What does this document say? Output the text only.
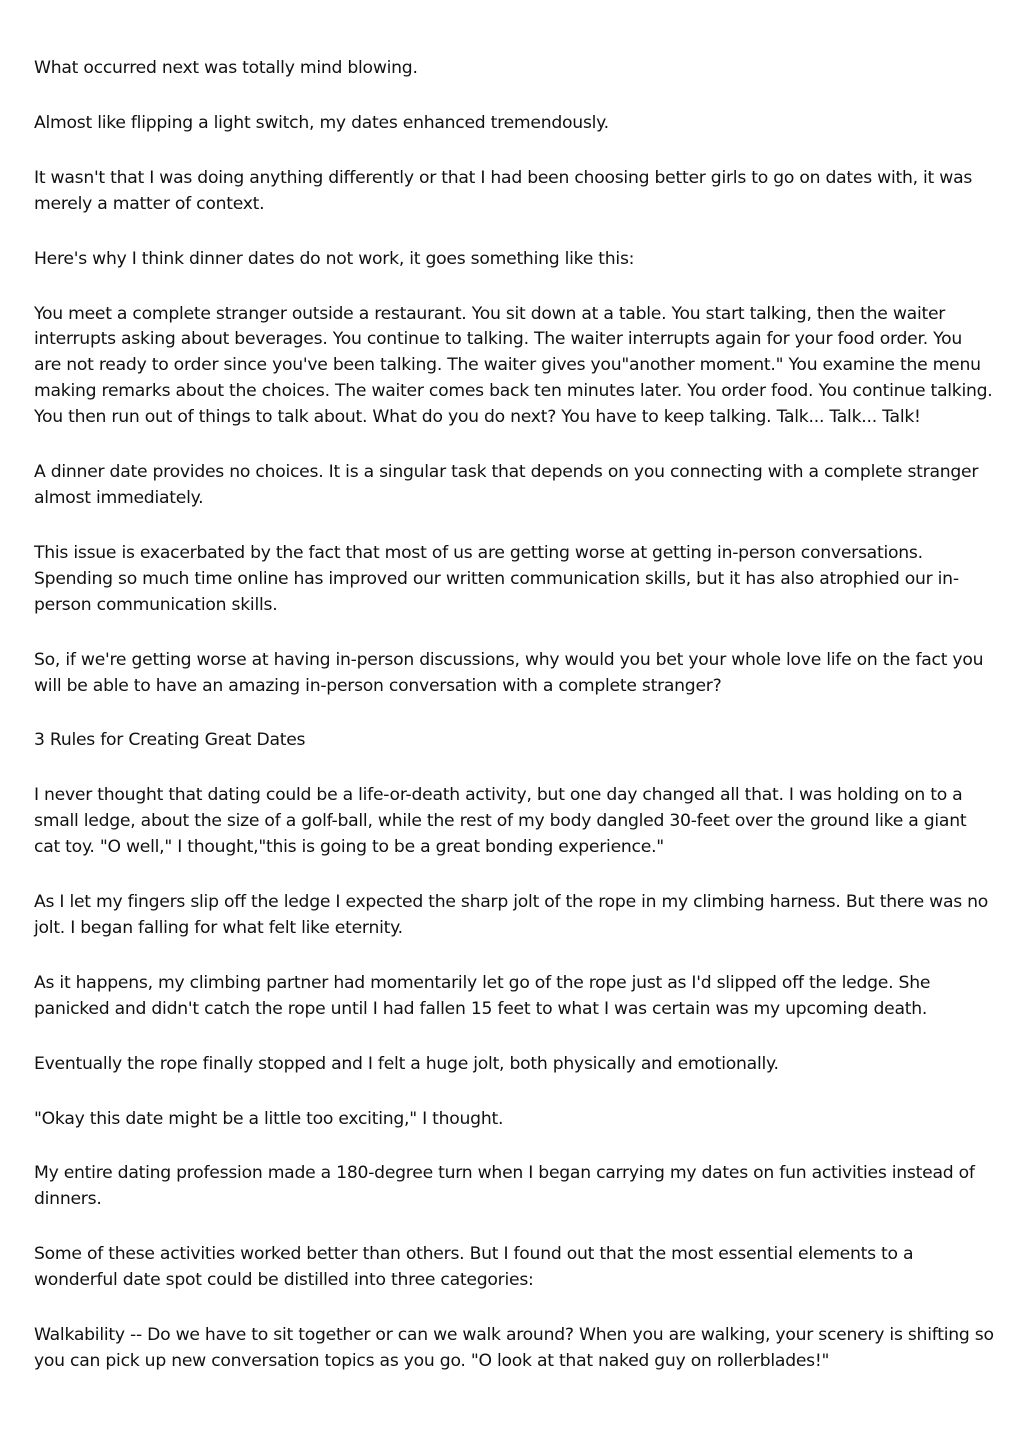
What occurred next was totally mind blowing.

Almost like flipping a light switch, my dates enhanced tremendously.

It wasn't that I was doing anything differently or that I had been choosing better girls to go on dates with, it was merely a matter of context.

Here's why I think dinner dates do not work, it goes something like this:

You meet a complete stranger outside a restaurant. You sit down at a table. You start talking, then the waiter interrupts asking about beverages. You continue to talking. The waiter interrupts again for your food order. You are not ready to order since you've been talking. The waiter gives you"another moment." You examine the menu making remarks about the choices. The waiter comes back ten minutes later. You order food. You continue talking. You then run out of things to talk about. What do you do next? You have to keep talking. Talk... Talk... Talk!

A dinner date provides no choices. It is a singular task that depends on you connecting with a complete stranger almost immediately.

This issue is exacerbated by the fact that most of us are getting worse at getting in-person conversations. Spending so much time online has improved our written communication skills, but it has also atrophied our in-person communication skills.

So, if we're getting worse at having in-person discussions, why would you bet your whole love life on the fact you will be able to have an amazing in-person conversation with a complete stranger?

3 Rules for Creating Great Dates

I never thought that dating could be a life-or-death activity, but one day changed all that. I was holding on to a small ledge, about the size of a golf-ball, while the rest of my body dangled 30-feet over the ground like a giant cat toy. "O well," I thought,"this is going to be a great bonding experience."

As I let my fingers slip off the ledge I expected the sharp jolt of the rope in my climbing harness. But there was no jolt. I began falling for what felt like eternity.

As it happens, my climbing partner had momentarily let go of the rope just as I'd slipped off the ledge. She panicked and didn't catch the rope until I had fallen 15 feet to what I was certain was my upcoming death.

Eventually the rope finally stopped and I felt a huge jolt, both physically and emotionally.

"Okay this date might be a little too exciting," I thought.

My entire dating profession made a 180-degree turn when I began carrying my dates on fun activities instead of dinners.

Some of these activities worked better than others. But I found out that the most essential elements to a wonderful date spot could be distilled into three categories:

Walkability -- Do we have to sit together or can we walk around? When you are walking, your scenery is shifting so you can pick up new conversation topics as you go. "O look at that naked guy on rollerblades!"
